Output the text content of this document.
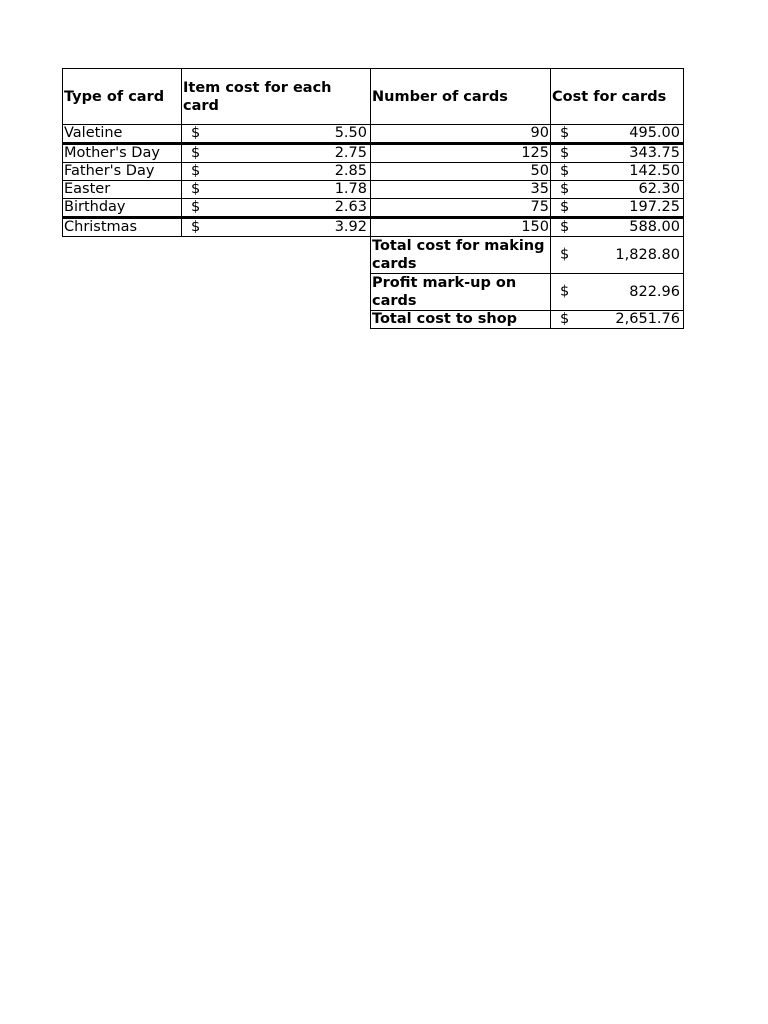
Type of card	Item cost for each card	Number of cards	Cost for cards
Valetine	$ 5.50	90	$ 495.00

Mother's Day	$ 2.75	125	$ 343.75

Father's Day	$ 2.85	50	$ 142.50

Easter	$ 1.78	35	$ 62.30

Birthday	$ 2.63	75	$ 197.25

Christmas	$ 3.92	150	$ 588.00

		Total cost for making cards	$ 1,828.80

		Profit mark-up on cards	$ 822.96

		Total cost to shop	$ 2,651.76
